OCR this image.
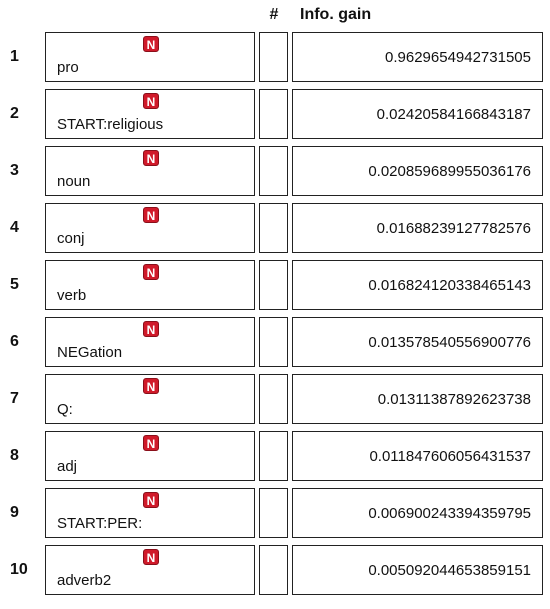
#	Info. gain
1
N
pro
0.9629654942731505
2
N
START:religious
0.02420584166843187
3
N
noun
0.020859689955036176
4
N
conj
0.01688239127782576
5
N
verb
0.016824120338465143
6
N
NEGation
0.013578540556900776
7
N
Q:
0.01311387892623738
8
N
adj
0.011847606056431537
9
N
START:PER:
0.006900243394359795
10
N
adverb2
0.005092044653859151
